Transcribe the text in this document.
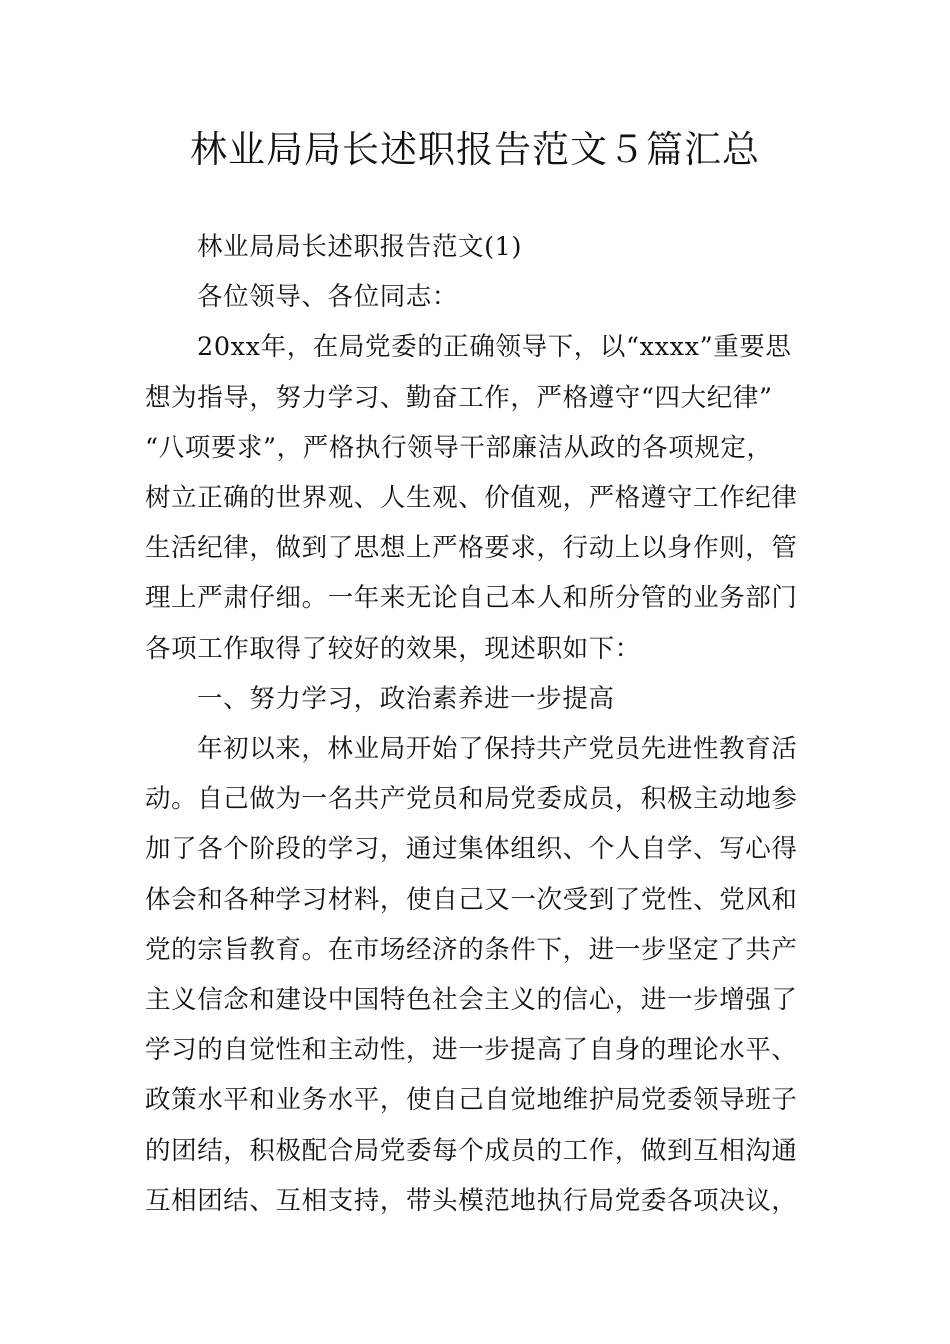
林业局局长述职报告范文５篇汇总

林业局局长述职报告范文(1)

各位领导、各位同志：

20xx年，在局党委的正确领导下，以“xxxx”重要思
想为指导，努力学习、勤奋工作，严格遵守“四大纪律”
“八项要求”，严格执行领导干部廉洁从政的各项规定，
树立正确的世界观、人生观、价值观，严格遵守工作纪律
生活纪律，做到了思想上严格要求，行动上以身作则，管
理上严肃仔细。一年来无论自己本人和所分管的业务部门
各项工作取得了较好的效果，现述职如下：

一、努力学习，政治素养进一步提高

年初以来，林业局开始了保持共产党员先进性教育活
动。自己做为一名共产党员和局党委成员，积极主动地参
加了各个阶段的学习，通过集体组织、个人自学、写心得
体会和各种学习材料，使自己又一次受到了党性、党风和
党的宗旨教育。在市场经济的条件下，进一步坚定了共产
主义信念和建设中国特色社会主义的信心，进一步增强了
学习的自觉性和主动性，进一步提高了自身的理论水平、
政策水平和业务水平，使自己自觉地维护局党委领导班子
的团结，积极配合局党委每个成员的工作，做到互相沟通
互相团结、互相支持，带头模范地执行局党委各项决议，
